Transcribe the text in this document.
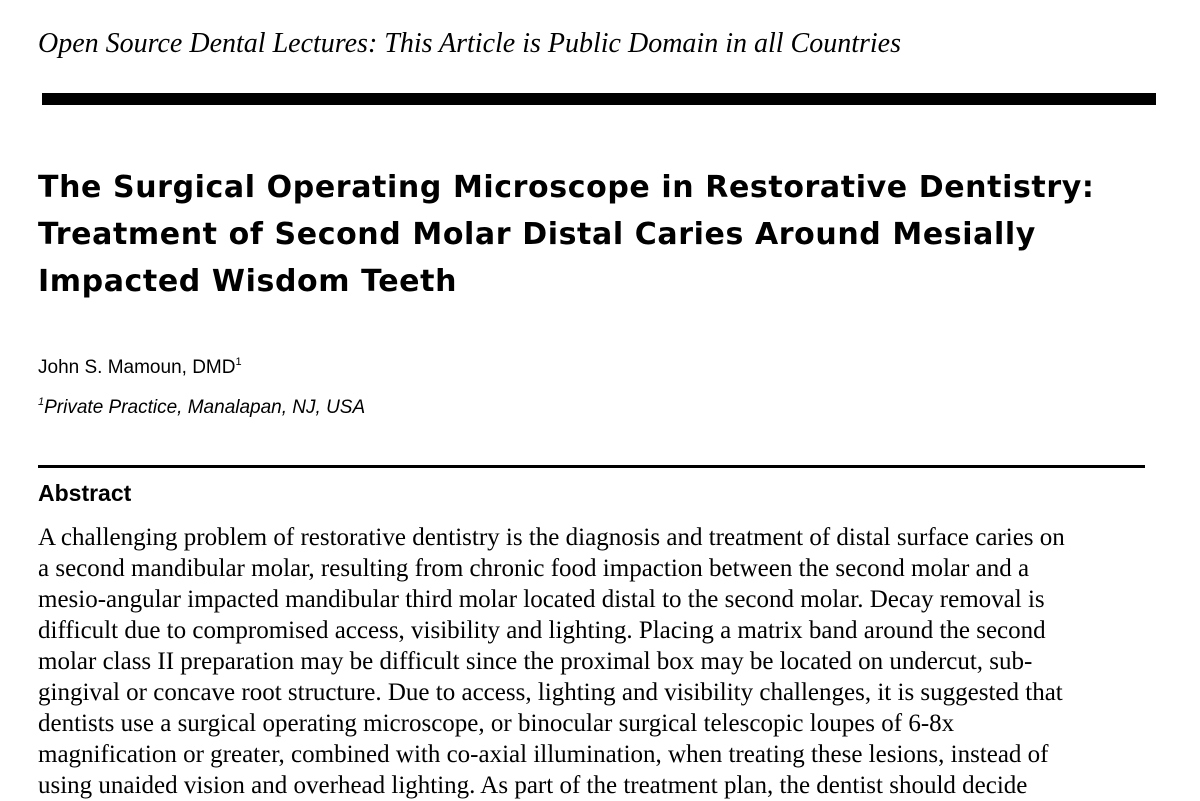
Open Source Dental Lectures: This Article is Public Domain in all Countries
The Surgical Operating Microscope in Restorative Dentistry:
Treatment of Second Molar Distal Caries Around Mesially
Impacted Wisdom Teeth
John S. Mamoun, DMD$^1$
$^1$Private Practice, Manalapan, NJ, USA
Abstract
A challenging problem of restorative dentistry is the diagnosis and treatment of distal surface caries on
a second mandibular molar, resulting from chronic food impaction between the second molar and a
mesio-angular impacted mandibular third molar located distal to the second molar. Decay removal is
difficult due to compromised access, visibility and lighting. Placing a matrix band around the second
molar class II preparation may be difficult since the proximal box may be located on undercut, sub-
gingival or concave root structure. Due to access, lighting and visibility challenges, it is suggested that
dentists use a surgical operating microscope, or binocular surgical telescopic loupes of 6-8x
magnification or greater, combined with co-axial illumination, when treating these lesions, instead of
using unaided vision and overhead lighting. As part of the treatment plan, the dentist should decide
